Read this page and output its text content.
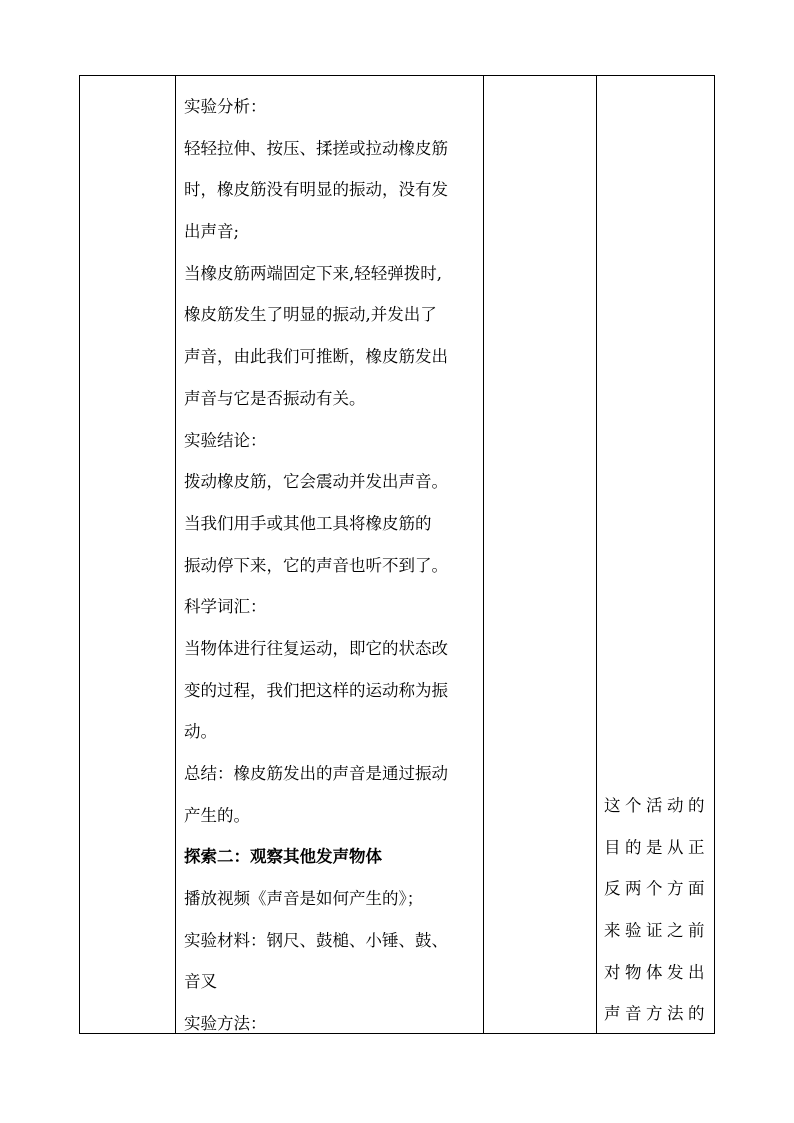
实验分析：
轻轻拉伸、按压、揉搓或拉动橡皮筋
时，橡皮筋没有明显的振动，没有发
出声音;
当橡皮筋两端固定下来,轻轻弹拨时,
橡皮筋发生了明显的振动,并发出了
声音，由此我们可推断，橡皮筋发出
声音与它是否振动有关。
实验结论：
拨动橡皮筋，它会震动并发出声音。
当我们用手或其他工具将橡皮筋的
振动停下来，它的声音也听不到了。
科学词汇：
当物体进行往复运动，即它的状态改
变的过程，我们把这样的运动称为振
动。
总结：橡皮筋发出的声音是通过振动
产生的。
探索二：观察其他发声物体
播放视频《声音是如何产生的》；
实验材料：钢尺、鼓槌、小锤、鼓、
音叉
实验方法：
这个活动的
目的是从正
反两个方面
来验证之前
对物体发出
声音方法的
